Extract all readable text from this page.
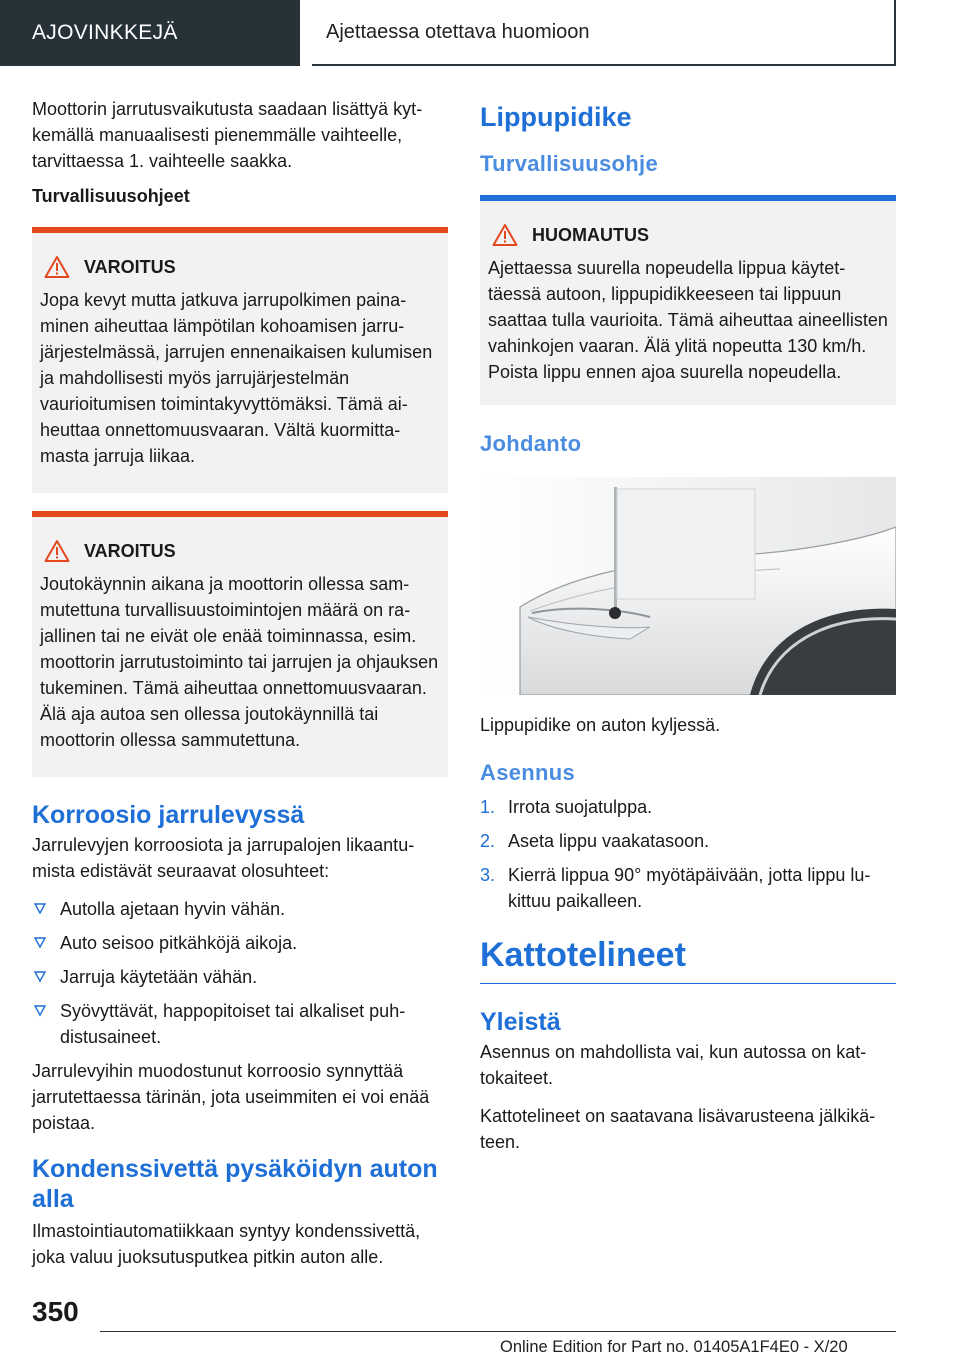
AJOVINKKEJÄ	Ajettaessa otettava huomioon

Moottorin jarrutusvaikutusta saadaan lisättyä kytkemällä manuaalisesti pienemmälle vaihteelle, tarvittaessa 1. vaihteelle saakka.

Turvallisuusohjeet
VAROITUS

Jopa kevyt mutta jatkuva jarrupolkimen painaminen aiheuttaa lämpötilan kohoamisen jarrujärjestelmässä, jarrujen ennenaikaisen kulumisen ja mahdollisesti myös jarrujärjestelmän vaurioitumisen toimintakyvyttömäksi. Tämä aiheuttaa onnettomuusvaaran. Vältä kuormittamasta jarruja liikaa.

VAROITUS

Joutokäynnin aikana ja moottorin ollessa sammutettuna turvallisuustoimintojen määrä on rajallinen tai ne eivät ole enää toiminnassa, esim. moottorin jarrutustoiminto tai jarrujen ja ohjauksen tukeminen. Tämä aiheuttaa onnettomuusvaaran. Älä aja autoa sen ollessa joutokäynnillä tai moottorin ollessa sammutettuna.

Korroosio jarrulevyssä

Jarrulevyjen korroosiota ja jarrupalojen likaantumista edistävät seuraavat olosuhteet:

Autolla ajetaan hyvin vähän.
Auto seisoo pitkähköjä aikoja.
Jarruja käytetään vähän.
Syövyttävät, happopitoiset tai alkaliset puhdistusaineet.

Jarrulevyihin muodostunut korroosio synnyttää jarrutettaessa tärinän, jota useimmiten ei voi enää poistaa.

Kondenssivettä pysäköidyn auton alla

Ilmastointiautomatiikkaan syntyy kondenssivettä, joka valuu juoksutusputkea pitkin auton alle.

Lippupidike
Turvallisuusohje
HUOMAUTUS

Ajettaessa suurella nopeudella lippua käytettäessä autoon, lippupidikkeeseen tai lippuun saattaa tulla vaurioita. Tämä aiheuttaa aineellisten vahinkojen vaaran. Älä ylitä nopeutta 130 km/h. Poista lippu ennen ajoa suurella nopeudella.

Johdanto

Lippupidike on auton kyljessä.

Asennus
1. Irrota suojatulppa.
2. Aseta lippu vaakatasoon.
3. Kierrä lippua 90° myötäpäivään, jotta lippu lukittuu paikalleen.
Kattotelineet
Yleistä

Asennus on mahdollista vai, kun autossa on kattokaiteet.

Kattotelineet on saatavana lisävarusteena jälkikäteen.

350
Online Edition for Part no. 01405A1F4E0 - X/20
